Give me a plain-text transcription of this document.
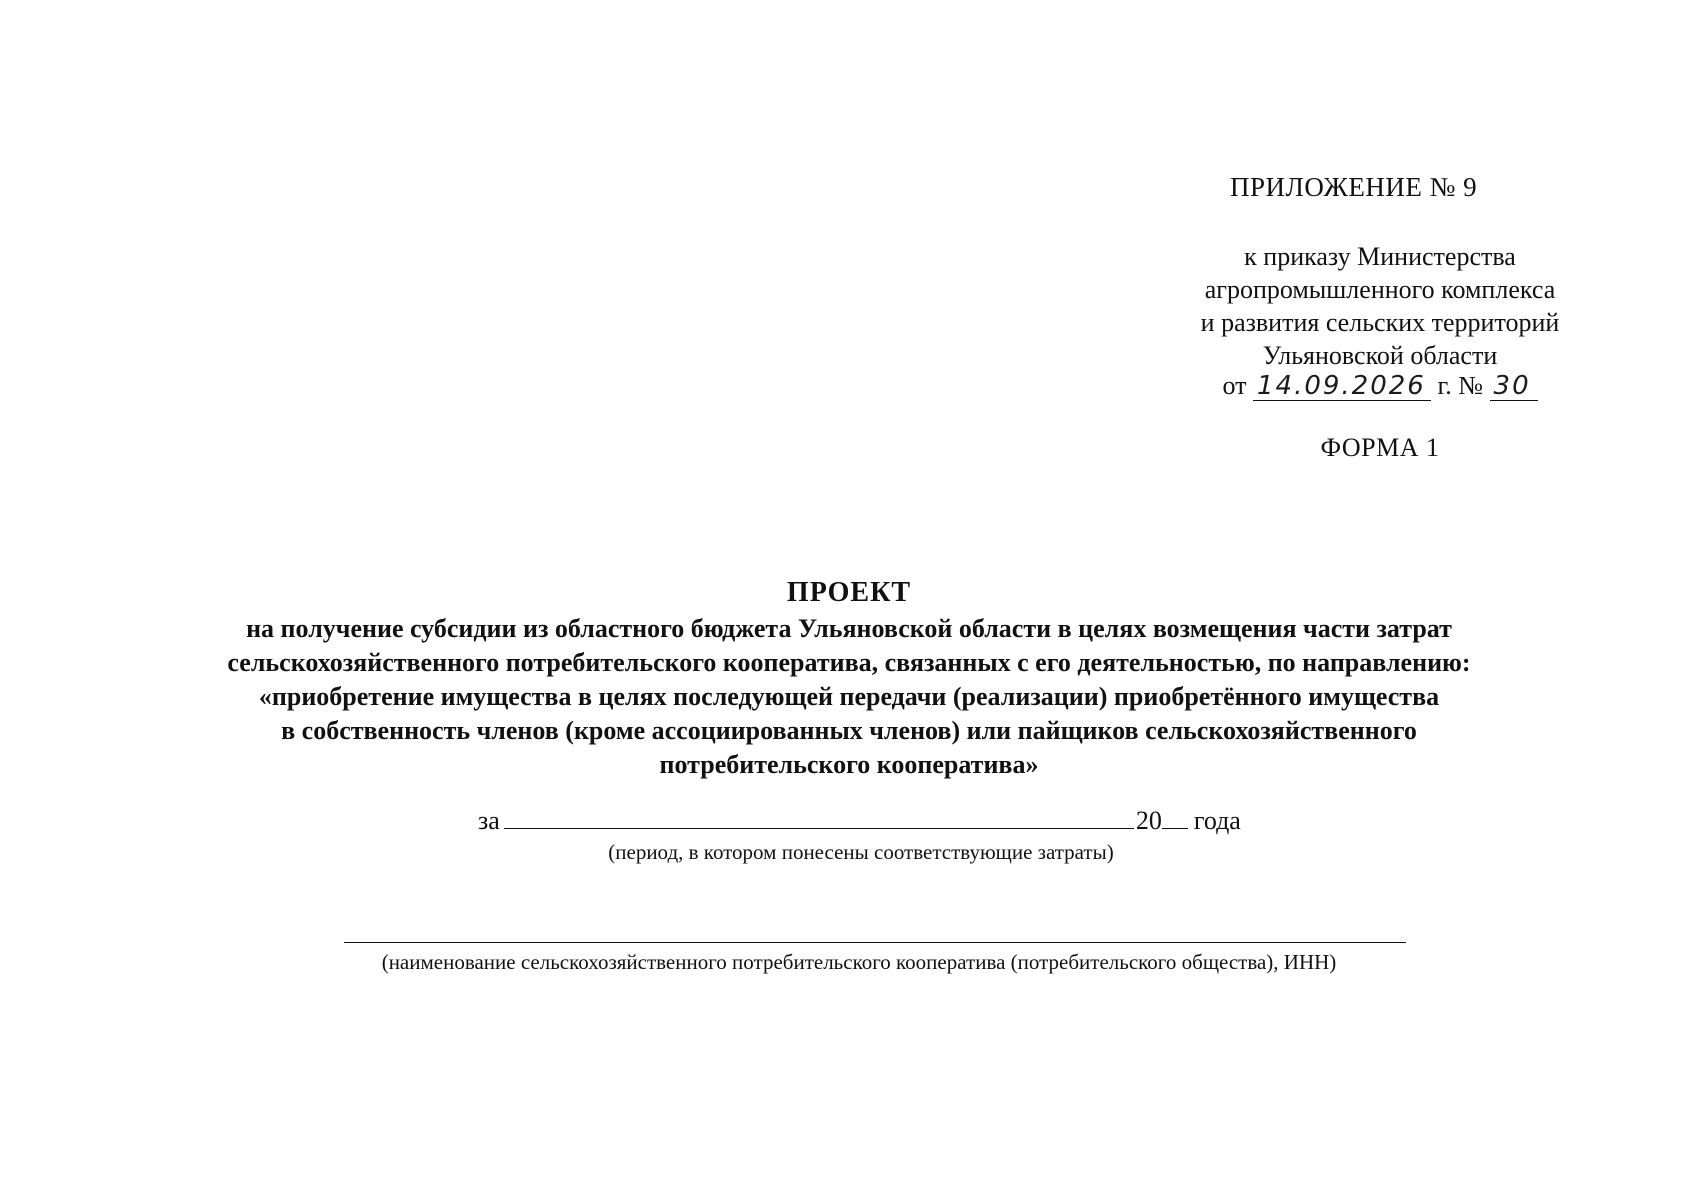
ПРИЛОЖЕНИЕ № 9
к приказу Министерства
агропромышленного комплекса
и развития сельских территорий
Ульяновской области
от 14.09.2026 г. № 30
ФОРМА 1
ПРОЕКТ
на получение субсидии из областного бюджета Ульяновской области в целях возмещения части затрат
сельскохозяйственного потребительского кооператива, связанных с его деятельностью, по направлению:
«приобретение имущества в целях последующей передачи (реализации) приобретённого имущества
в собственность членов (кроме ассоциированных членов) или пайщиков сельскохозяйственного
потребительского кооператива»
за	20 года
(период, в котором понесены соответствующие затраты)
(наименование сельскохозяйственного потребительского кооператива (потребительского общества), ИНН)
